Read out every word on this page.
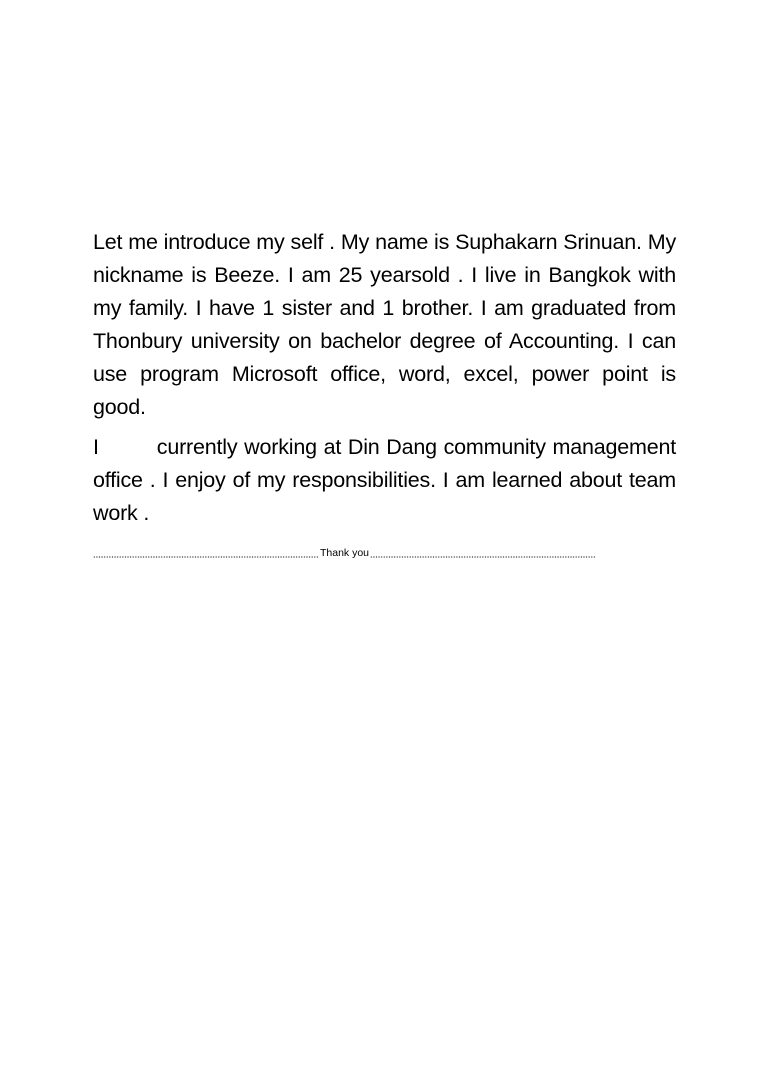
Let me introduce my self . My name is Suphakarn Srinuan. My nickname is Beeze. I am 25 yearsold . I live in Bangkok with my family. I have 1 sister and 1 brother. I am graduated from Thonbury university on bachelor degree of Accounting. I can use program Microsoft office, word, excel, power point is good.

I	currently working at Din Dang community management office . I enjoy of my responsibilities. I am learned about team work .

Thank you
